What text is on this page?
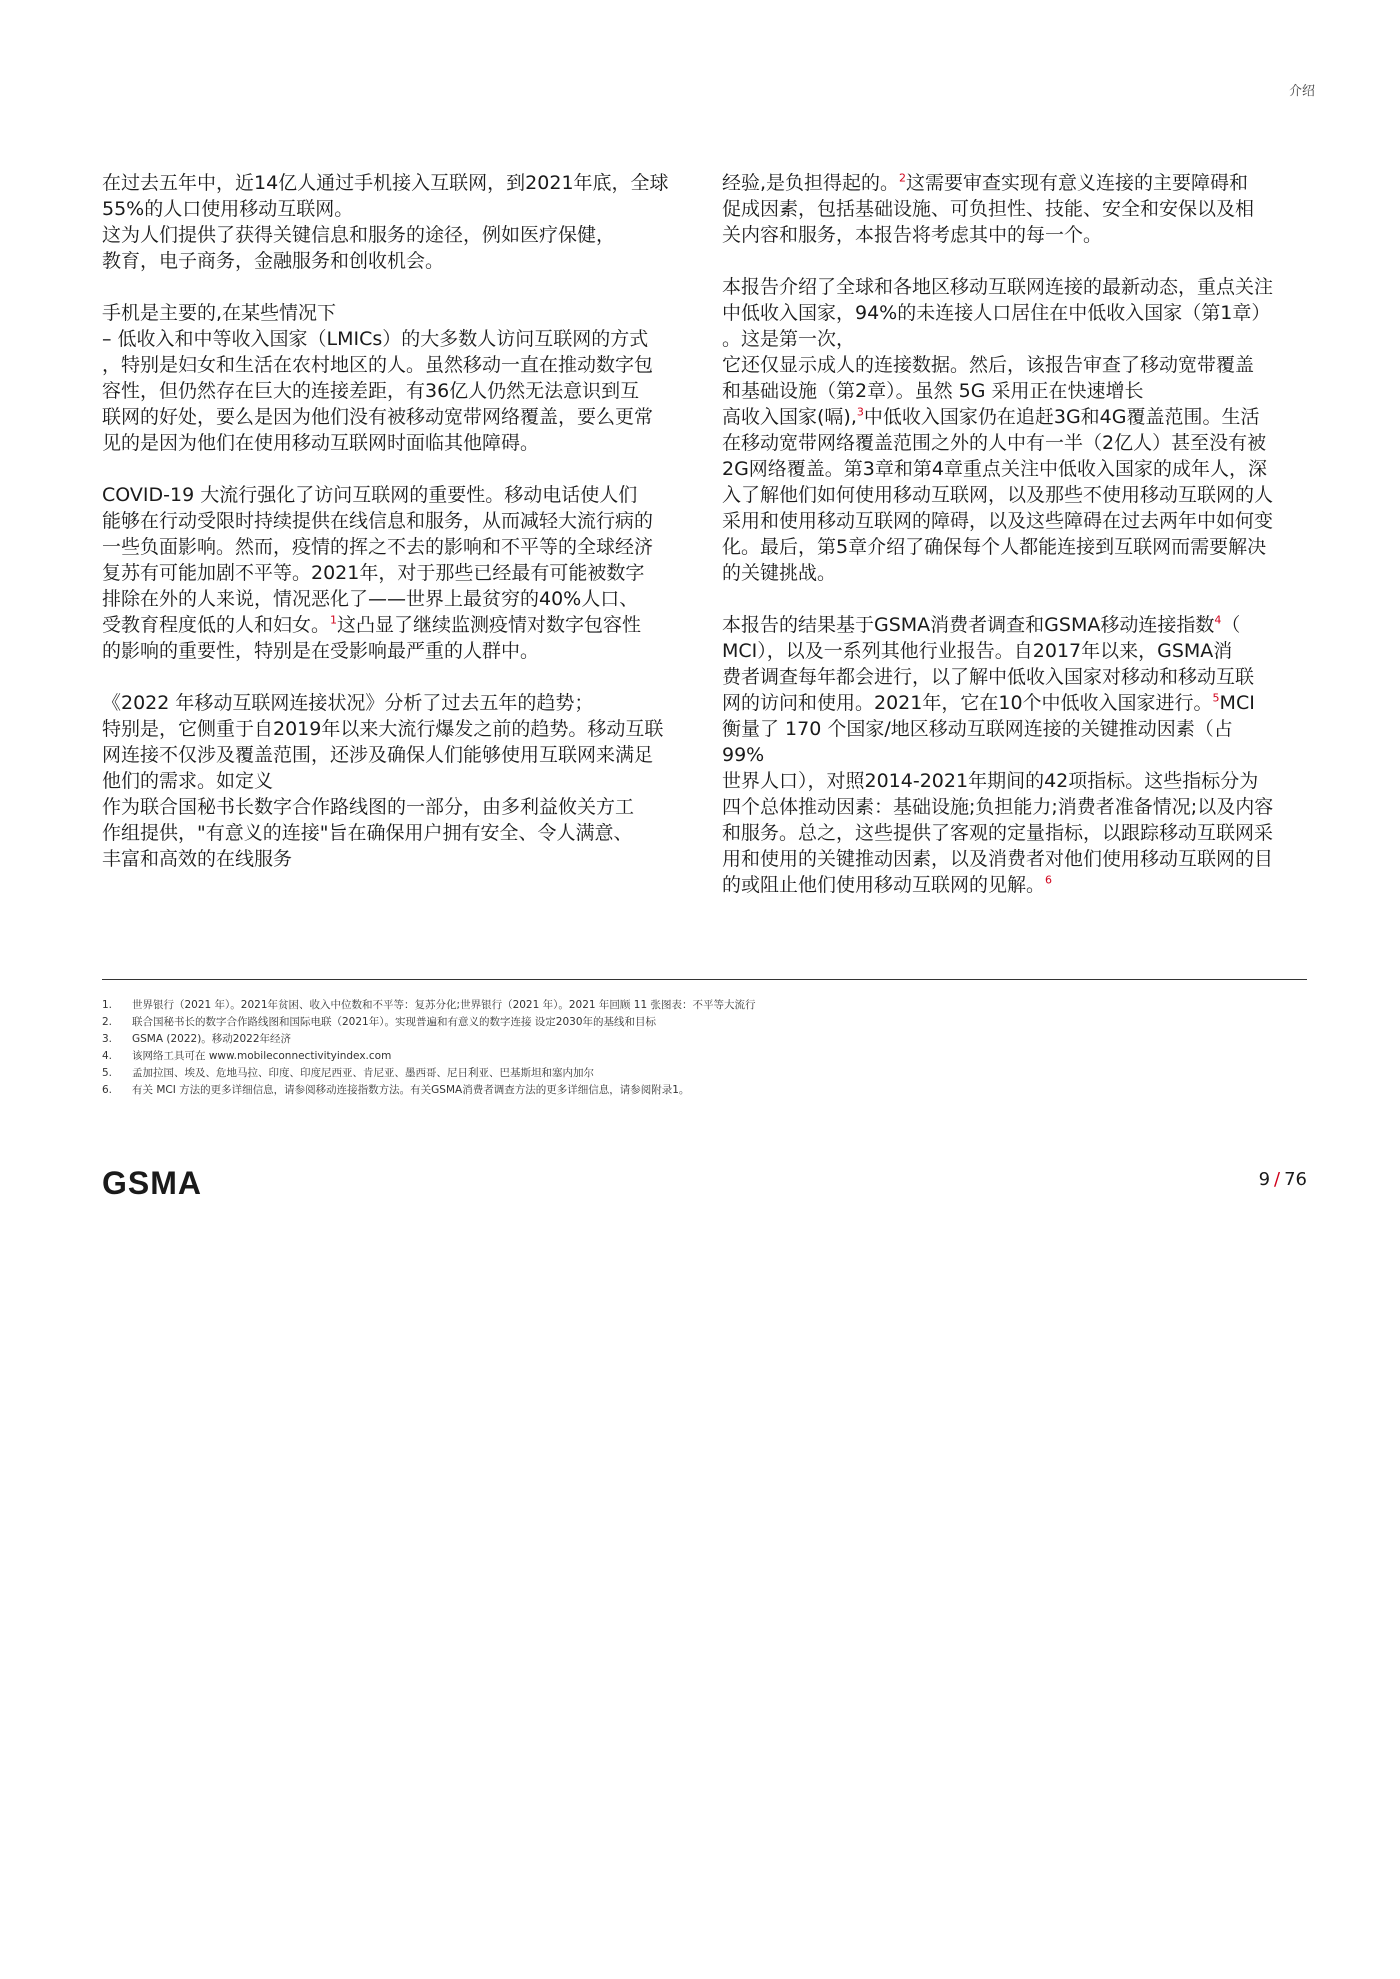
介绍
在过去五年中，近14亿人通过手机接入互联网，到2021年底，全球
55%的人口使用移动互联网。
这为人们提供了获得关键信息和服务的途径，例如医疗保健，
教育，电子商务，金融服务和创收机会。
手机是主要的,在某些情况下
– 低收入和中等收入国家（LMICs）的大多数人访问互联网的方式
，特别是妇女和生活在农村地区的人。虽然移动一直在推动数字包
容性，但仍然存在巨大的连接差距，有36亿人仍然无法意识到互
联网的好处，要么是因为他们没有被移动宽带网络覆盖，要么更常
见的是因为他们在使用移动互联网时面临其他障碍。
COVID-19 大流行强化了访问互联网的重要性。移动电话使人们
能够在行动受限时持续提供在线信息和服务，从而减轻大流行病的
一些负面影响。然而，疫情的挥之不去的影响和不平等的全球经济
复苏有可能加剧不平等。2021年，对于那些已经最有可能被数字
排除在外的人来说，情况恶化了——世界上最贫穷的40%人口、
受教育程度低的人和妇女。$^1$这凸显了继续监测疫情对数字包容性
的影响的重要性，特别是在受影响最严重的人群中。
《2022 年移动互联网连接状况》分析了过去五年的趋势；
特别是，它侧重于自2019年以来大流行爆发之前的趋势。移动互联
网连接不仅涉及覆盖范围，还涉及确保人们能够使用互联网来满足
他们的需求。如定义
作为联合国秘书长数字合作路线图的一部分，由多利益攸关方工
作组提供，"有意义的连接"旨在确保用户拥有安全、令人满意、
丰富和高效的在线服务
经验,是负担得起的。$^2$这需要审查实现有意义连接的主要障碍和
促成因素，包括基础设施、可负担性、技能、安全和安保以及相
关内容和服务，本报告将考虑其中的每一个。
本报告介绍了全球和各地区移动互联网连接的最新动态，重点关注
中低收入国家，94%的未连接人口居住在中低收入国家（第1章）
。这是第一次，
它还仅显示成人的连接数据。然后，该报告审查了移动宽带覆盖
和基础设施（第2章）。虽然 5G 采用正在快速增长
高收入国家(嗝),$^3$中低收入国家仍在追赶3G和4G覆盖范围。生活
在移动宽带网络覆盖范围之外的人中有一半（2亿人）甚至没有被
2G网络覆盖。第3章和第4章重点关注中低收入国家的成年人，深
入了解他们如何使用移动互联网，以及那些不使用移动互联网的人
采用和使用移动互联网的障碍，以及这些障碍在过去两年中如何变
化。最后，第5章介绍了确保每个人都能连接到互联网而需要解决
的关键挑战。
本报告的结果基于GSMA消费者调查和GSMA移动连接指数$^4$（
MCI），以及一系列其他行业报告。自2017年以来，GSMA消
费者调查每年都会进行，以了解中低收入国家对移动和移动互联
网的访问和使用。2021年，它在10个中低收入国家进行。$^5$MCI
衡量了 170 个国家/地区移动互联网连接的关键推动因素（占
99%
世界人口），对照2014-2021年期间的42项指标。这些指标分为
四个总体推动因素：基础设施;负担能力;消费者准备情况;以及内容
和服务。总之，这些提供了客观的定量指标，以跟踪移动互联网采
用和使用的关键推动因素，以及消费者对他们使用移动互联网的目
的或阻止他们使用移动互联网的见解。$^6$
1. 世界银行（2021 年）。2021年贫困、收入中位数和不平等：复苏分化;世界银行（2021 年）。2021 年回顾 11 张图表：不平等大流行
2. 联合国秘书长的数字合作路线图和国际电联（2021年）。实现普遍和有意义的数字连接 设定2030年的基线和目标
3. GSMA (2022)。移动2022年经济
4. 该网络工具可在 www.mobileconnectivityindex.com
5. 孟加拉国、埃及、危地马拉、印度、印度尼西亚、肯尼亚、墨西哥、尼日利亚、巴基斯坦和塞内加尔
6. 有关 MCI 方法的更多详细信息，请参阅移动连接指数方法。有关GSMA消费者调查方法的更多详细信息，请参阅附录1。
GSMA	9 / 76
